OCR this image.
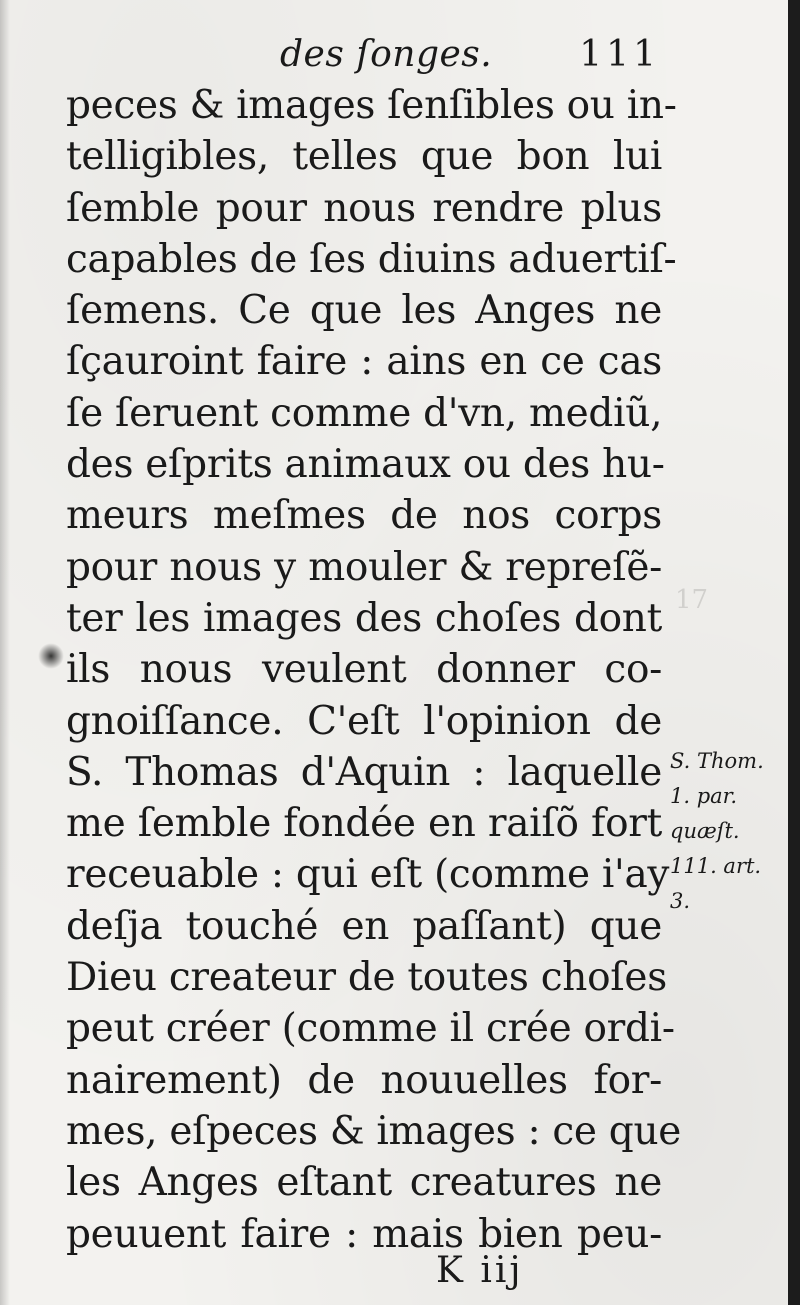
des ſonges. 111
peces & images ſenſibles ou in-
telligibles, telles que bon lui
ſemble pour nous rendre plus
capables de ſes diuins aduertiſ-
ſemens. Ce que les Anges ne
ſçauroint faire : ains en ce cas
ſe ſeruent comme d'vn, mediũ,
des eſprits animaux ou des hu-
meurs meſmes de nos corps
pour nous y mouler & repreſẽ-
ter les images des choſes dont
ils nous veulent donner co-
gnoiſſance. C'eſt l'opinion de
S. Thomas d'Aquin : laquelle
me ſemble fondée en raiſõ fort
receuable : qui eſt (comme i'ay
deſja touché en paſſant) que
Dieu createur de toutes choſes
peut créer (comme il crée ordi-
nairement) de nouuelles for-
mes, eſpeces & images : ce que
les Anges eſtant creatures ne
peuuent faire : mais bien peu-
S. Thom.
1. par.
quæſt.
111. art.
3.
K iij
17
